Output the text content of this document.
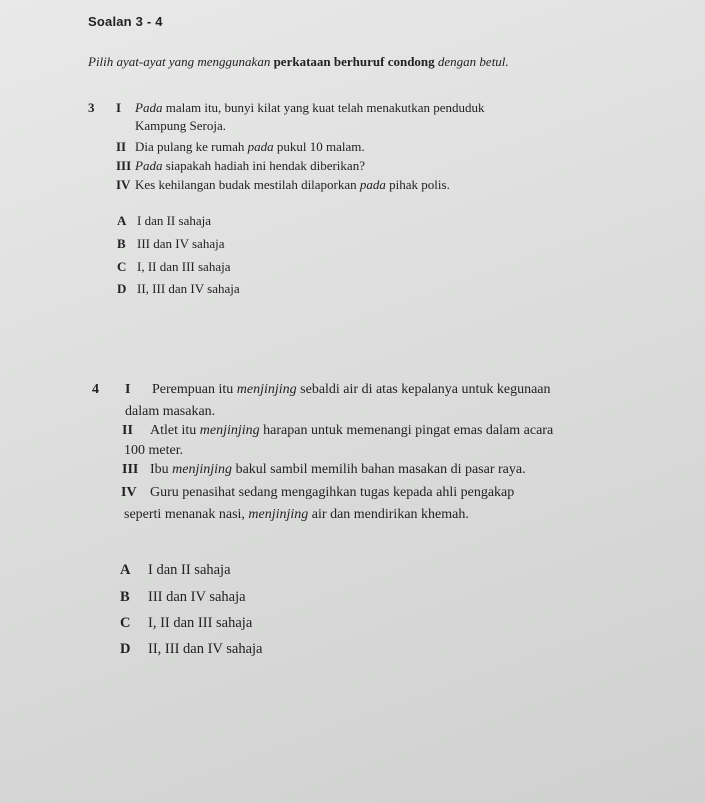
Soalan 3 - 4
Pilih ayat-ayat yang menggunakan perkataan berhuruf condong dengan betul.
3 I Pada malam itu, bunyi kilat yang kuat telah menakutkan penduduk
Kampung Seroja.
II Dia pulang ke rumah pada pukul 10 malam.
III Pada siapakah hadiah ini hendak diberikan?
IV Kes kehilangan budak mestilah dilaporkan pada pihak polis.
A I dan II sahaja
B III dan IV sahaja
C I, II dan III sahaja
D II, III dan IV sahaja
4 I Perempuan itu menjinjing sebaldi air di atas kepalanya untuk kegunaan
dalam masakan.
II Atlet itu menjinjing harapan untuk memenangi pingat emas dalam acara
100 meter.
III Ibu menjinjing bakul sambil memilih bahan masakan di pasar raya.
IV Guru penasihat sedang mengagihkan tugas kepada ahli pengakap
seperti menanak nasi, menjinjing air dan mendirikan khemah.
A I dan II sahaja
B III dan IV sahaja
C I, II dan III sahaja
D II, III dan IV sahaja
